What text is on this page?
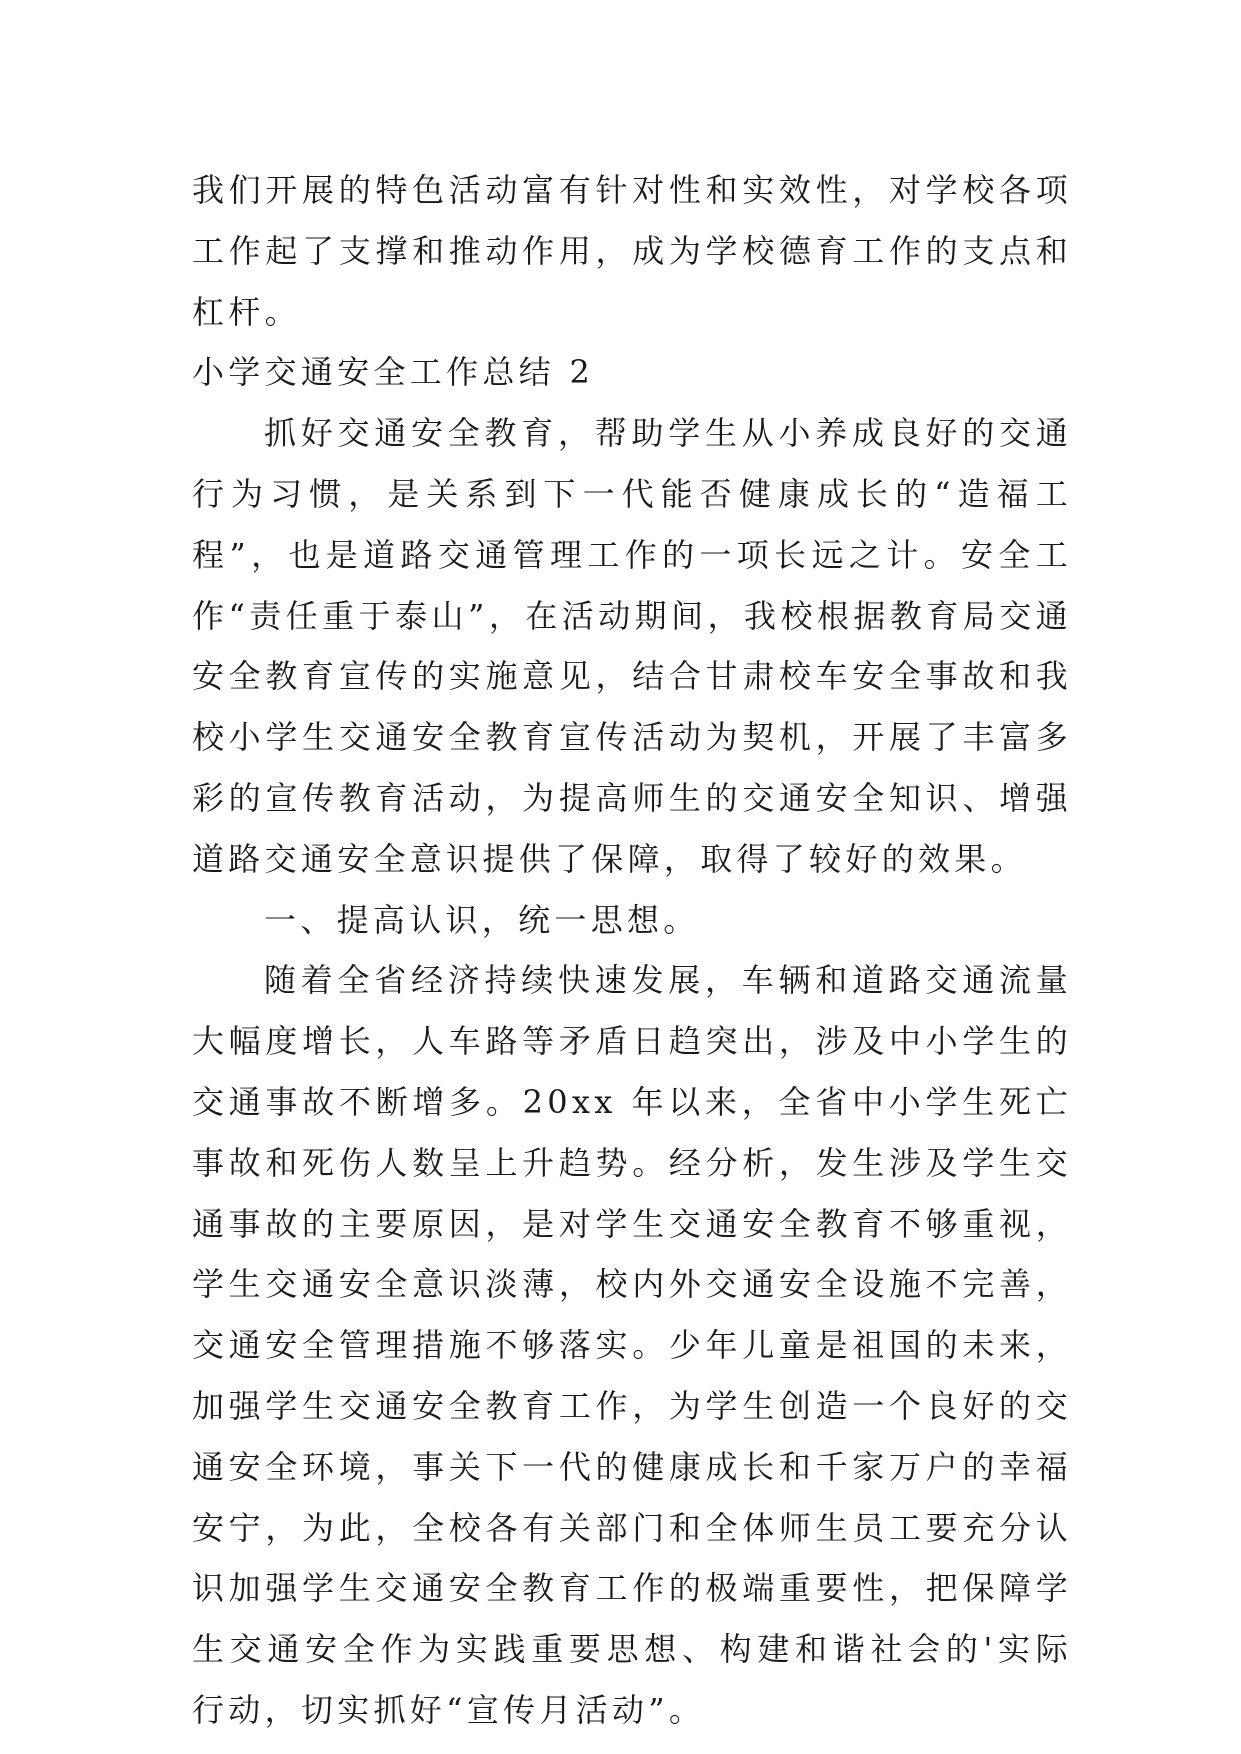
我们开展的特色活动富有针对性和实效性，对学校各项工作起了支撑和推动作用，成为学校德育工作的支点和杠杆。

小学交通安全工作总结 2

抓好交通安全教育，帮助学生从小养成良好的交通行为习惯，是关系到下一代能否健康成长的“造福工程”，也是道路交通管理工作的一项长远之计。安全工作“责任重于泰山”，在活动期间，我校根据教育局交通安全教育宣传的实施意见，结合甘肃校车安全事故和我校小学生交通安全教育宣传活动为契机，开展了丰富多彩的宣传教育活动，为提高师生的交通安全知识、增强道路交通安全意识提供了保障，取得了较好的效果。

一、提高认识，统一思想。

随着全省经济持续快速发展，车辆和道路交通流量大幅度增长，人车路等矛盾日趋突出，涉及中小学生的交通事故不断增多。20xx 年以来，全省中小学生死亡事故和死伤人数呈上升趋势。经分析，发生涉及学生交通事故的主要原因，是对学生交通安全教育不够重视，学生交通安全意识淡薄，校内外交通安全设施不完善，交通安全管理措施不够落实。少年儿童是祖国的未来，加强学生交通安全教育工作，为学生创造一个良好的交通安全环境，事关下一代的健康成长和千家万户的幸福安宁，为此，全校各有关部门和全体师生员工要充分认识加强学生交通安全教育工作的极端重要性，把保障学生交通安全作为实践重要思想、构建和谐社会的'实际行动，切实抓好“宣传月活动”。
